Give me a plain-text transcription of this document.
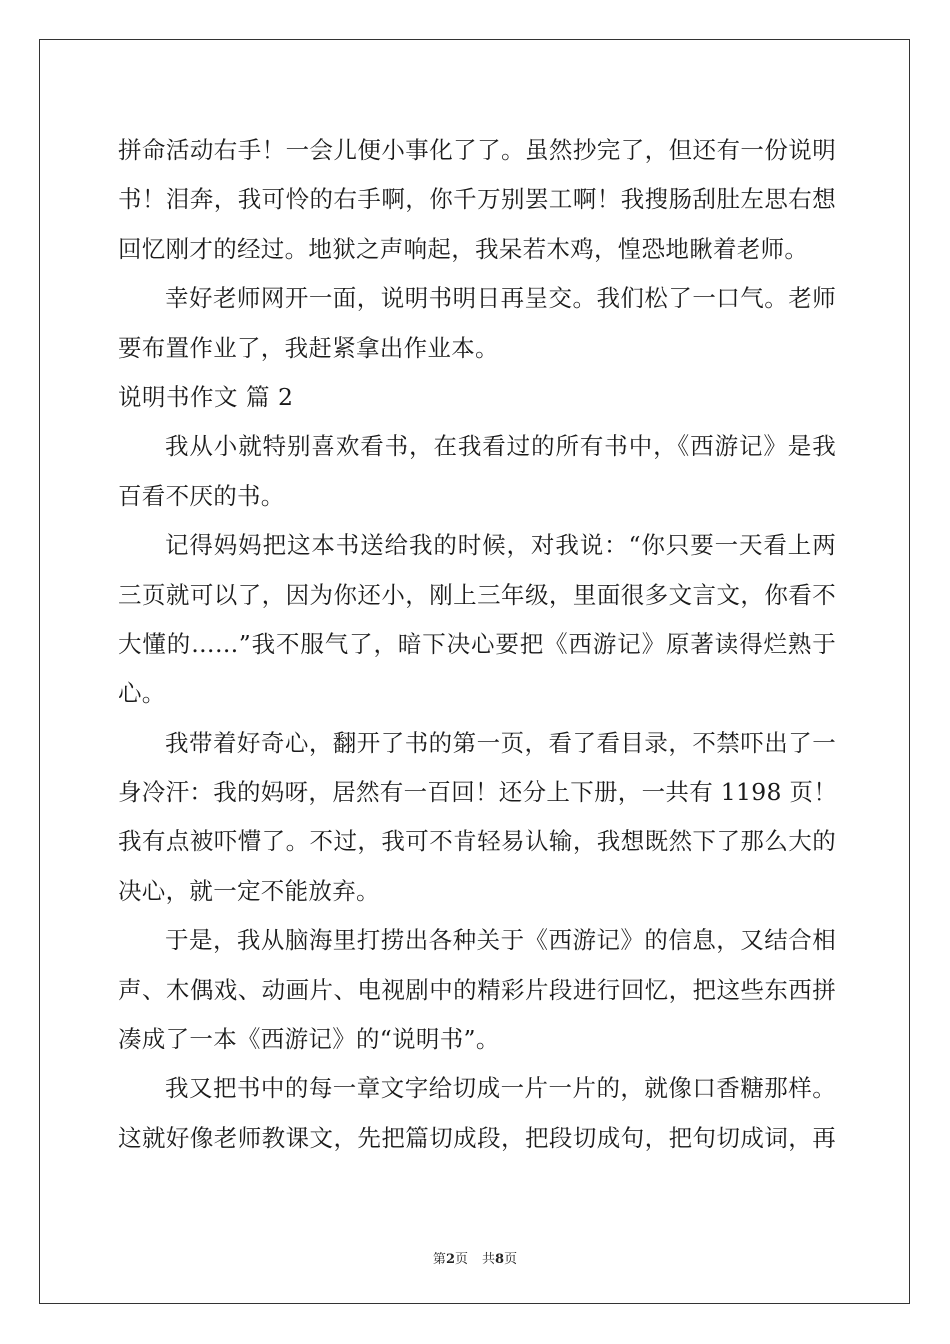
拼命活动右手！一会儿便小事化了了。虽然抄完了，但还有一份说明
书！泪奔，我可怜的右手啊，你千万别罢工啊！我搜肠刮肚左思右想
回忆刚才的经过。地狱之声响起，我呆若木鸡，惶恐地瞅着老师。
幸好老师网开一面，说明书明日再呈交。我们松了一口气。老师
要布置作业了，我赶紧拿出作业本。
说明书作文 篇 2
我从小就特别喜欢看书，在我看过的所有书中，《西游记》是我
百看不厌的书。
记得妈妈把这本书送给我的时候，对我说：“你只要一天看上两
三页就可以了，因为你还小，刚上三年级，里面很多文言文，你看不
大懂的……”我不服气了，暗下决心要把《西游记》原著读得烂熟于
心。
我带着好奇心，翻开了书的第一页，看了看目录，不禁吓出了一
身冷汗：我的妈呀，居然有一百回！还分上下册，一共有 1198 页！
我有点被吓懵了。不过，我可不肯轻易认输，我想既然下了那么大的
决心，就一定不能放弃。
于是，我从脑海里打捞出各种关于《西游记》的信息，又结合相
声、木偶戏、动画片、电视剧中的精彩片段进行回忆，把这些东西拼
凑成了一本《西游记》的“说明书”。
我又把书中的每一章文字给切成一片一片的，就像口香糖那样。
这就好像老师教课文，先把篇切成段，把段切成句，把句切成词，再
第2页 共8页
